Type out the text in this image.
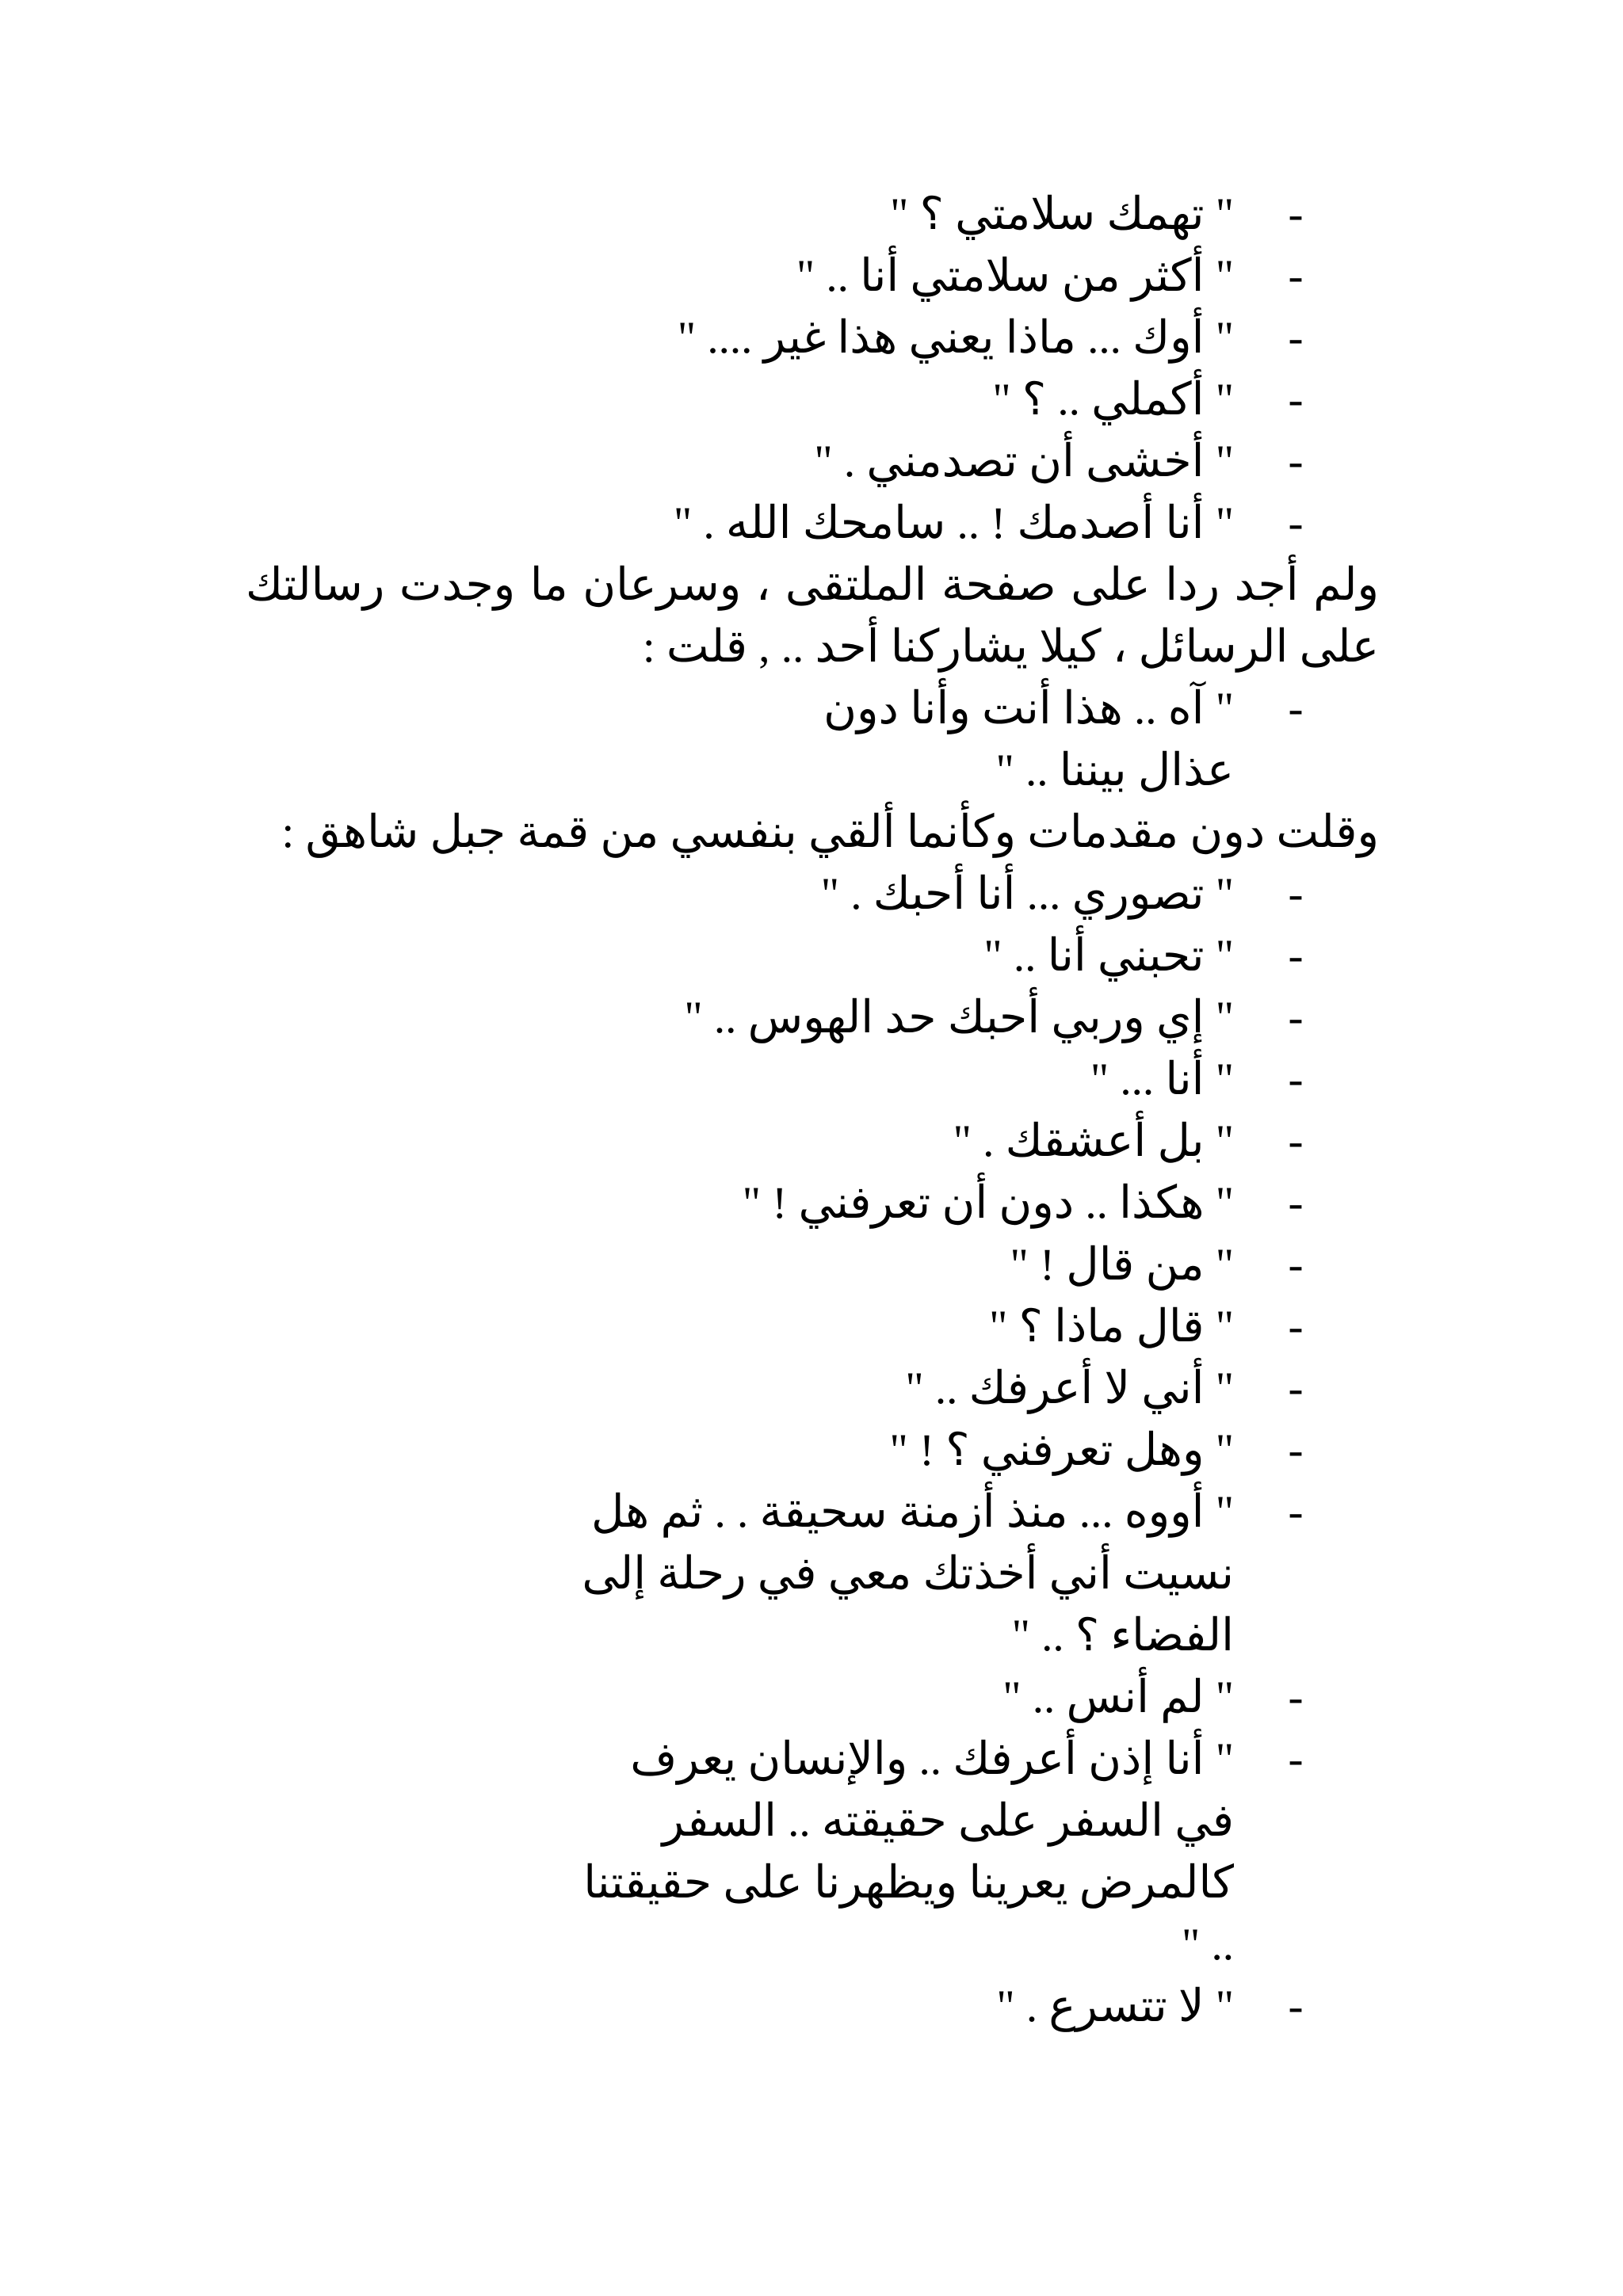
-
" تهمك سلامتي ؟ "
-
" أكثر من سلامتي أنا .. "
-
" أوك ... ماذا يعني هذا غير .... "
-
" أكملي .. ؟ "
-
" أخشى أن تصدمني . "
-
" أنا أصدمك ! .. سامحك الله . "
ولم أجد ردا على صفحة الملتقى ، وسرعان ما وجدت رسالتك على الرسائل ، كيلا يشاركنا أحد .. , قلت :
-
" آه .. هذا أنت وأنا دون عذال بيننا .. "
وقلت دون مقدمات وكأنما ألقي بنفسي من قمة جبل شاهق :
-
" تصوري ... أنا أحبك . "
-
" تحبني أنا .. "
-
" إي وربي أحبك حد الهوس .. "
-
" أنا ... "
-
" بل أعشقك . "
-
" هكذا .. دون أن تعرفني ! "
-
" من قال ! "
-
" قال ماذا ؟ "
-
" أني لا أعرفك .. "
-
" وهل تعرفني ؟ ! "
-
" أووه ... منذ أزمنة سحيقة . . ثم هل نسيت أني أخذتك معي في رحلة إلى الفضاء ؟ .. "
-
" لم أنس .. "
-
" أنا إذن أعرفك .. والإنسان يعرف في السفر على حقيقته .. السفر كالمرض يعرينا ويظهرنا على حقيقتنا .. "
-
" لا تتسرع . "
